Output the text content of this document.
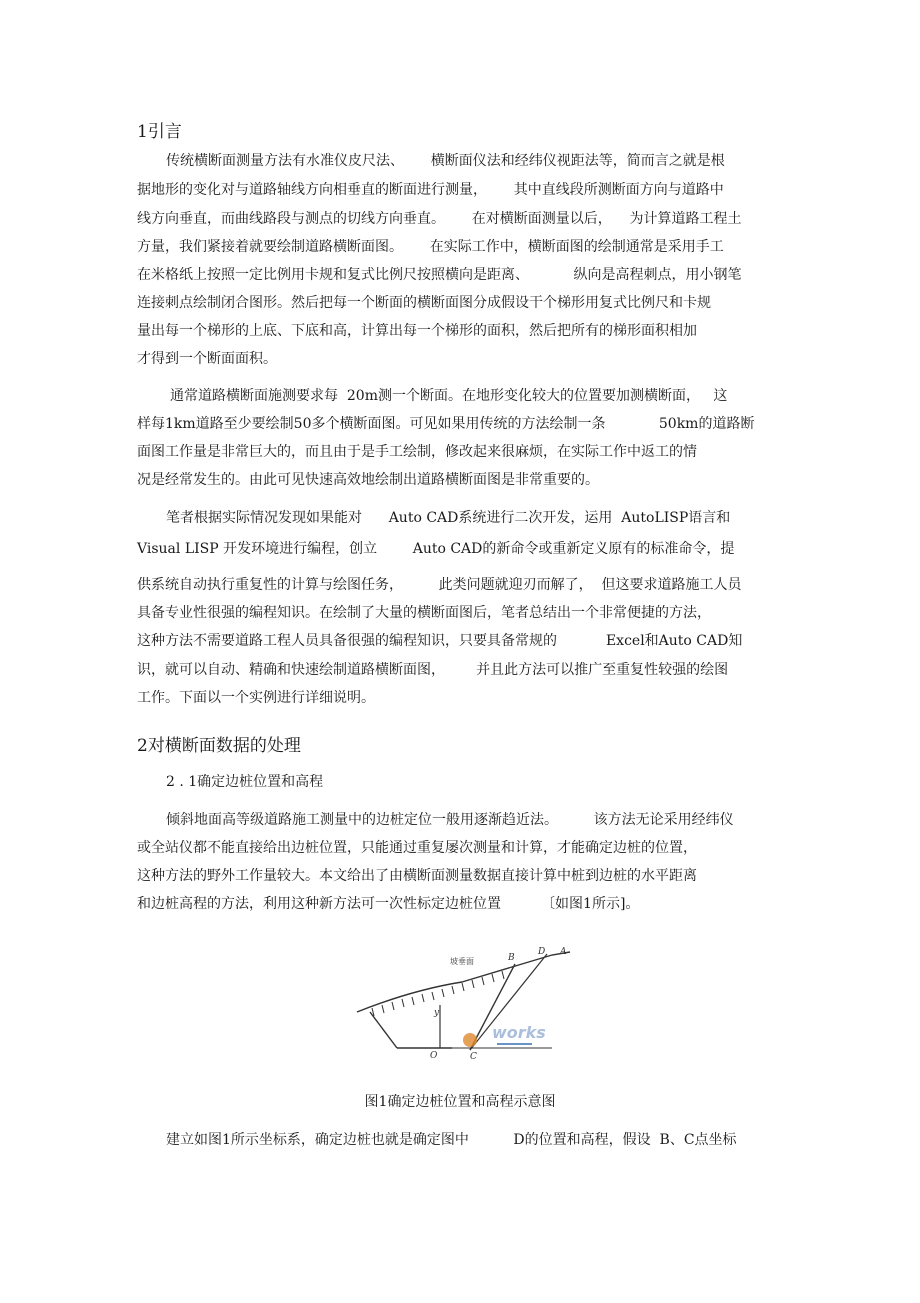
1引言
传统横断面测量方法有水准仪皮尺法、      横断面仪法和经纬仪视距法等，简而言之就是根
据地形的变化对与道路轴线方向相垂直的断面进行测量，      其中直线段所测断面方向与道路中
线方向垂直，而曲线路段与测点的切线方向垂直。      在对横断面测量以后，    为计算道路工程土
方量，我们紧接着就要绘制道路横断面图。      在实际工作中，横断面图的绘制通常是采用手工
在米格纸上按照一定比例用卡规和复式比例尺按照横向是距离、          纵向是高程刺点，用小钢笔
连接刺点绘制闭合图形。然后把每一个断面的横断面图分成假设干个梯形用复式比例尺和卡规
量出每一个梯形的上底、下底和高，计算出每一个梯形的面积，然后把所有的梯形面积相加
才得到一个断面面积。
通常道路横断面施测要求每  20m测一个断面。在地形变化较大的位置要加测横断面，   这
样每1km道路至少要绘制50多个横断面图。可见如果用传统的方法绘制一条            50km的道路断
面图工作量是非常巨大的，而且由于是手工绘制，修改起来很麻烦，在实际工作中返工的情
况是经常发生的。由此可见快速高效地绘制出道路横断面图是非常重要的。
笔者根据实际情况发现如果能对      Auto CAD系统进行二次开发，运用  AutoLISP语言和
Visual LISP 开发环境进行编程，创立        Auto CAD的新命令或重新定义原有的标准命令，提
供系统自动执行重复性的计算与绘图任务，        此类问题就迎刃而解了，  但这要求道路施工人员
具备专业性很强的编程知识。在绘制了大量的横断面图后，笔者总结出一个非常便捷的方法，
这种方法不需要道路工程人员具备很强的编程知识，只要具备常规的           Excel和Auto CAD知
识，就可以自动、精确和快速绘制道路横断面图，       并且此方法可以推广至重复性较强的绘图
工作。下面以一个实例进行详细说明。
2对横断面数据的处理
2 . 1确定边桩位置和高程
倾斜地面高等级道路施工测量中的边桩定位一般用逐渐趋近法。        该方法无论采用经纬仪
或全站仪都不能直接给出边桩位置，只能通过重复屡次测量和计算，才能确定边桩的位置，
这种方法的野外工作量较大。本文给出了由横断面测量数据直接计算中桩到边桩的水平距离
和边桩高程的方法，利用这种新方法可一次性标定边桩位置         〔如图1所示]。
坡垂面	B
D A
y
O	C
works
图1确定边桩位置和高程示意图
建立如图1所示坐标系，确定边桩也就是确定图中          D的位置和高程，假设  B、C点坐标
